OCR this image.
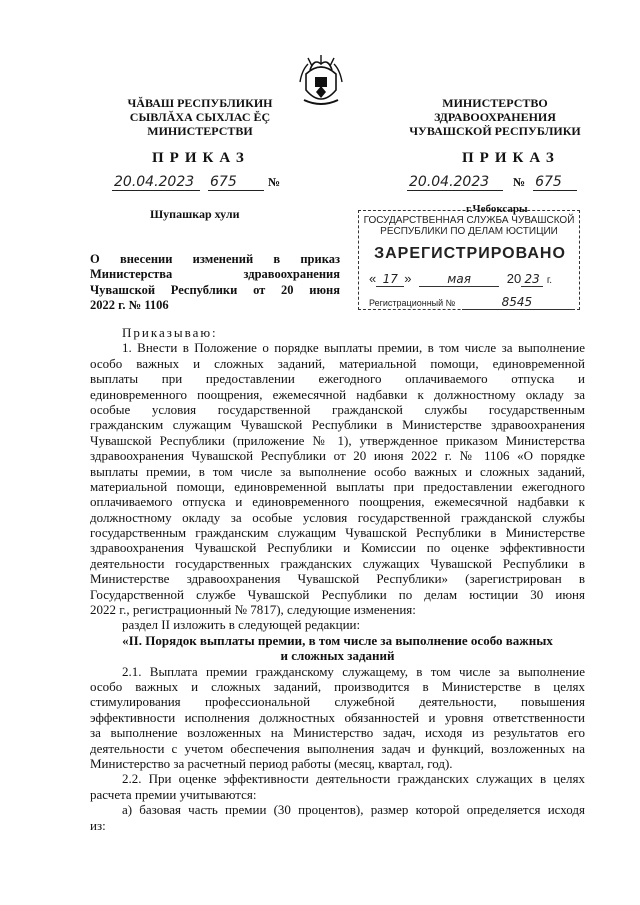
ЧĂВАШ РЕСПУБЛИКИН
СЫВЛĂХА СЫХЛАС ĔÇ
МИНИСТЕРСТВИ
МИНИСТЕРСТВО
ЗДРАВООХРАНЕНИЯ
ЧУВАШСКОЙ РЕСПУБЛИКИ
ПРИКАЗ	ПРИКАЗ
20.04.2023 675	№	20.04.2023 № 675
Шупашкар хули	ГОСУДАРСТВЕННАЯ СЛУЖБА ЧУВАШСКОЙ
РЕСПУБЛИКИ ПО ДЕЛАМ ЮСТИЦИИ
ЗАРЕГИСТРИРОВАНО
« 17 »	мая	20 23 г.
Регистрационный №	8545
г.Чебоксары
О внесении изменений в приказ
Министерства здравоохранения
Чувашской Республики от 20 июня
2022 г. № 1106
Приказываю:
1. Внести в Положение о порядке выплаты премии, в том числе за выполнение
особо важных и сложных заданий, материальной помощи, единовременной
выплаты при предоставлении ежегодного оплачиваемого отпуска и
единовременного поощрения, ежемесячной надбавки к должностному окладу за
особые условия государственной гражданской службы государственным
гражданским служащим Чувашской Республики в Министерстве здравоохранения
Чувашской Республики (приложение № 1), утвержденное приказом Министерства
здравоохранения Чувашской Республики от 20 июня 2022 г. № 1106 «О порядке
выплаты премии, в том числе за выполнение особо важных и сложных заданий,
материальной помощи, единовременной выплаты при предоставлении ежегодного
оплачиваемого отпуска и единовременного поощрения, ежемесячной надбавки к
должностному окладу за особые условия государственной гражданской службы
государственным гражданским служащим Чувашской Республики в Министерстве
здравоохранения Чувашской Республики и Комиссии по оценке эффективности
деятельности государственных гражданских служащих Чувашской Республики в
Министерстве здравоохранения Чувашской Республики» (зарегистрирован в
Государственной службе Чувашской Республики по делам юстиции 30 июня
2022 г., регистрационный № 7817), следующие изменения:
раздел II изложить в следующей редакции:
«II. Порядок выплаты премии, в том числе за выполнение особо важных
и сложных заданий
2.1. Выплата премии гражданскому служащему, в том числе за выполнение
особо важных и сложных заданий, производится в Министерстве в целях
стимулирования профессиональной служебной деятельности, повышения
эффективности исполнения должностных обязанностей и уровня ответственности
за выполнение возложенных на Министерство задач, исходя из результатов его
деятельности с учетом обеспечения выполнения задач и функций, возложенных на
Министерство за расчетный период работы (месяц, квартал, год).
2.2. При оценке эффективности деятельности гражданских служащих в целях
расчета премии учитываются:
а) базовая часть премии (30 процентов), размер которой определяется исходя
из:
